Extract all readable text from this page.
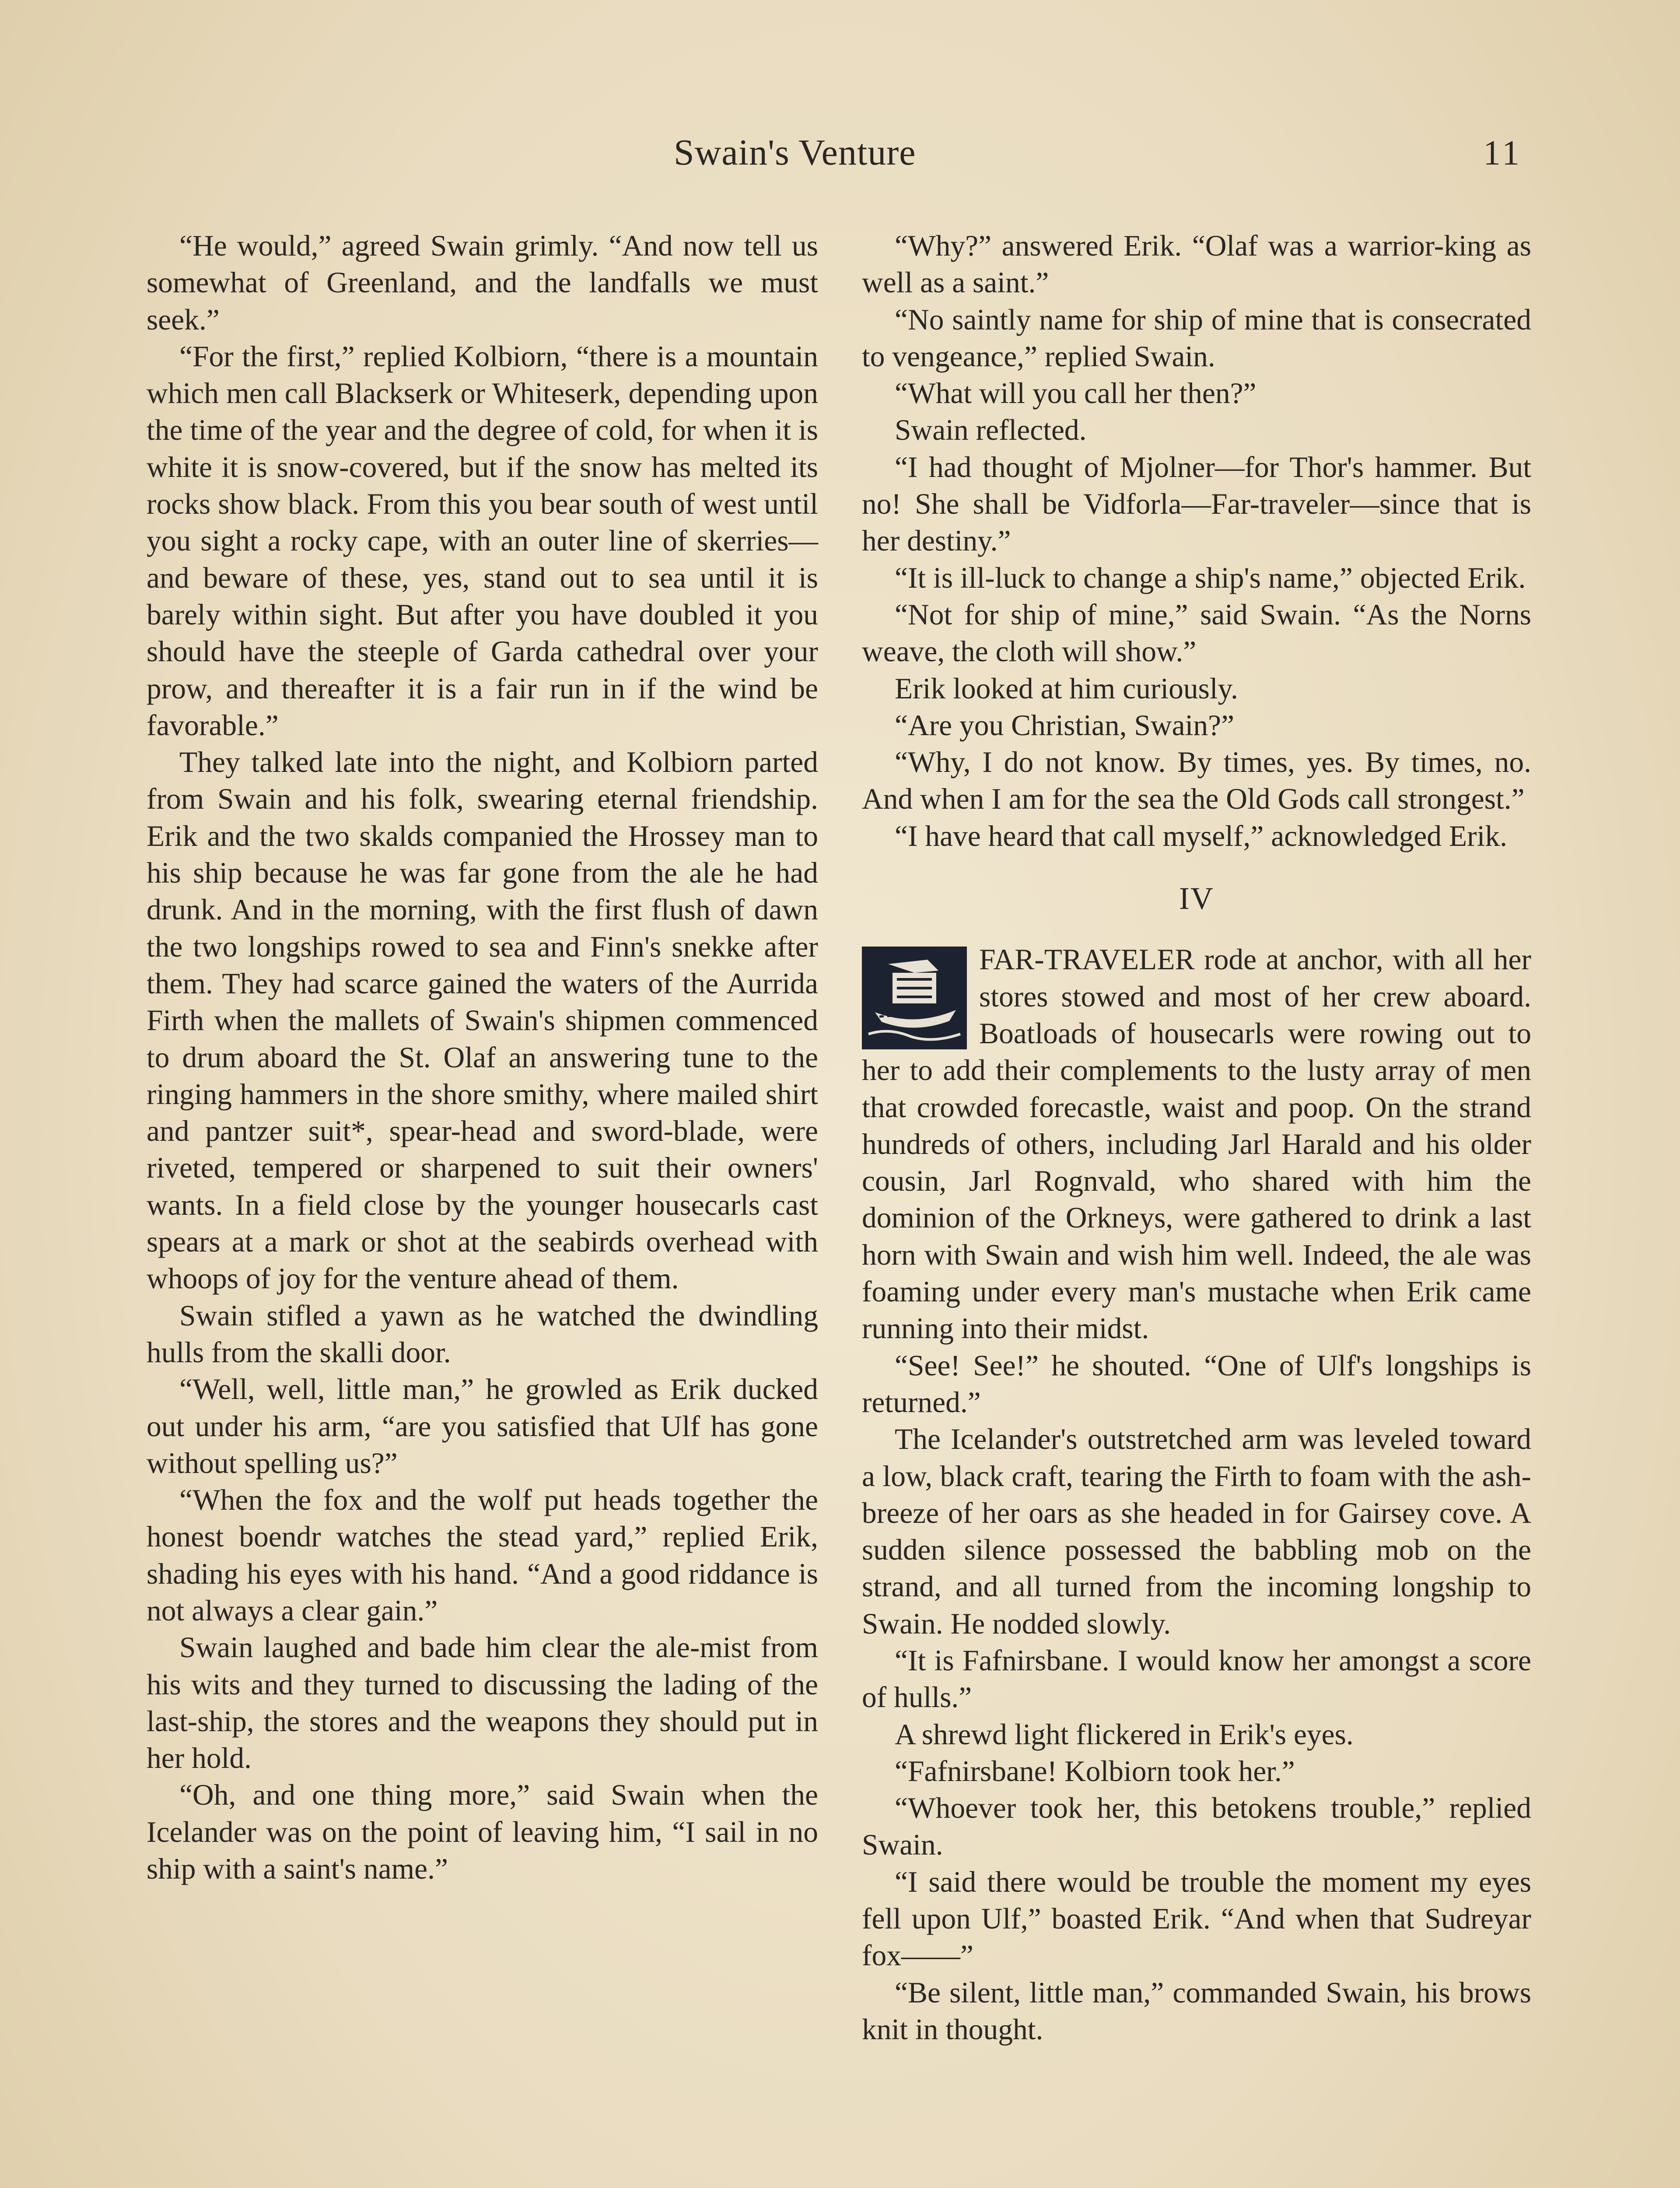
Swain's Venture	11

“He would,” agreed Swain grimly. “And now tell us somewhat of Greenland, and the landfalls we must seek.”

“For the first,” replied Kolbiorn, “there is a mountain which men call Blackserk or Whiteserk, depending upon the time of the year and the degree of cold, for when it is white it is snow-covered, but if the snow has melted its rocks show black. From this you bear south of west until you sight a rocky cape, with an outer line of skerries—and beware of these, yes, stand out to sea until it is barely within sight. But after you have doubled it you should have the steeple of Garda cathedral over your prow, and thereafter it is a fair run in if the wind be favorable.”

They talked late into the night, and Kolbiorn parted from Swain and his folk, swearing eternal friendship. Erik and the two skalds companied the Hrossey man to his ship because he was far gone from the ale he had drunk. And in the morning, with the first flush of dawn the two longships rowed to sea and Finn's snekke after them. They had scarce gained the waters of the Aurrida Firth when the mallets of Swain's shipmen commenced to drum aboard the St. Olaf an answering tune to the ringing hammers in the shore smithy, where mailed shirt and pantzer suit*, spear-head and sword-blade, were riveted, tempered or sharpened to suit their owners' wants. In a field close by the younger housecarls cast spears at a mark or shot at the seabirds overhead with whoops of joy for the venture ahead of them.

Swain stifled a yawn as he watched the dwindling hulls from the skalli door.

“Well, well, little man,” he growled as Erik ducked out under his arm, “are you satisfied that Ulf has gone without spelling us?”

“When the fox and the wolf put heads together the honest boendr watches the stead yard,” replied Erik, shading his eyes with his hand. “And a good riddance is not always a clear gain.”

Swain laughed and bade him clear the ale-mist from his wits and they turned to discussing the lading of the last-ship, the stores and the weapons they should put in her hold.

“Oh, and one thing more,” said Swain when the Icelander was on the point of leaving him, “I sail in no ship with a saint's name.”

“Why?” answered Erik. “Olaf was a warrior-king as well as a saint.”

“No saintly name for ship of mine that is consecrated to vengeance,” replied Swain.

“What will you call her then?”

Swain reflected.

“I had thought of Mjolner—for Thor's hammer. But no! She shall be Vidforla—Far-traveler—since that is her destiny.”

“It is ill-luck to change a ship's name,” objected Erik.

“Not for ship of mine,” said Swain. “As the Norns weave, the cloth will show.”

Erik looked at him curiously.

“Are you Christian, Swain?”

“Why, I do not know. By times, yes. By times, no. And when I am for the sea the Old Gods call strongest.”

“I have heard that call myself,” acknowledged Erik.

IV

FAR-TRAVELER rode at anchor, with all her stores stowed and most of her crew aboard. Boatloads of housecarls were rowing out to her to add their complements to the lusty array of men that crowded forecastle, waist and poop. On the strand hundreds of others, including Jarl Harald and his older cousin, Jarl Rognvald, who shared with him the dominion of the Orkneys, were gathered to drink a last horn with Swain and wish him well. Indeed, the ale was foaming under every man's mustache when Erik came running into their midst.

“See! See!” he shouted. “One of Ulf's longships is returned.”

The Icelander's outstretched arm was leveled toward a low, black craft, tearing the Firth to foam with the ash-breeze of her oars as she headed in for Gairsey cove. A sudden silence possessed the babbling mob on the strand, and all turned from the incoming longship to Swain. He nodded slowly.

“It is Fafnirsbane. I would know her amongst a score of hulls.”

A shrewd light flickered in Erik's eyes.

“Fafnirsbane! Kolbiorn took her.”

“Whoever took her, this betokens trouble,” replied Swain.

“I said there would be trouble the moment my eyes fell upon Ulf,” boasted Erik. “And when that Sudreyar fox——”

“Be silent, little man,” commanded Swain, his brows knit in thought.
